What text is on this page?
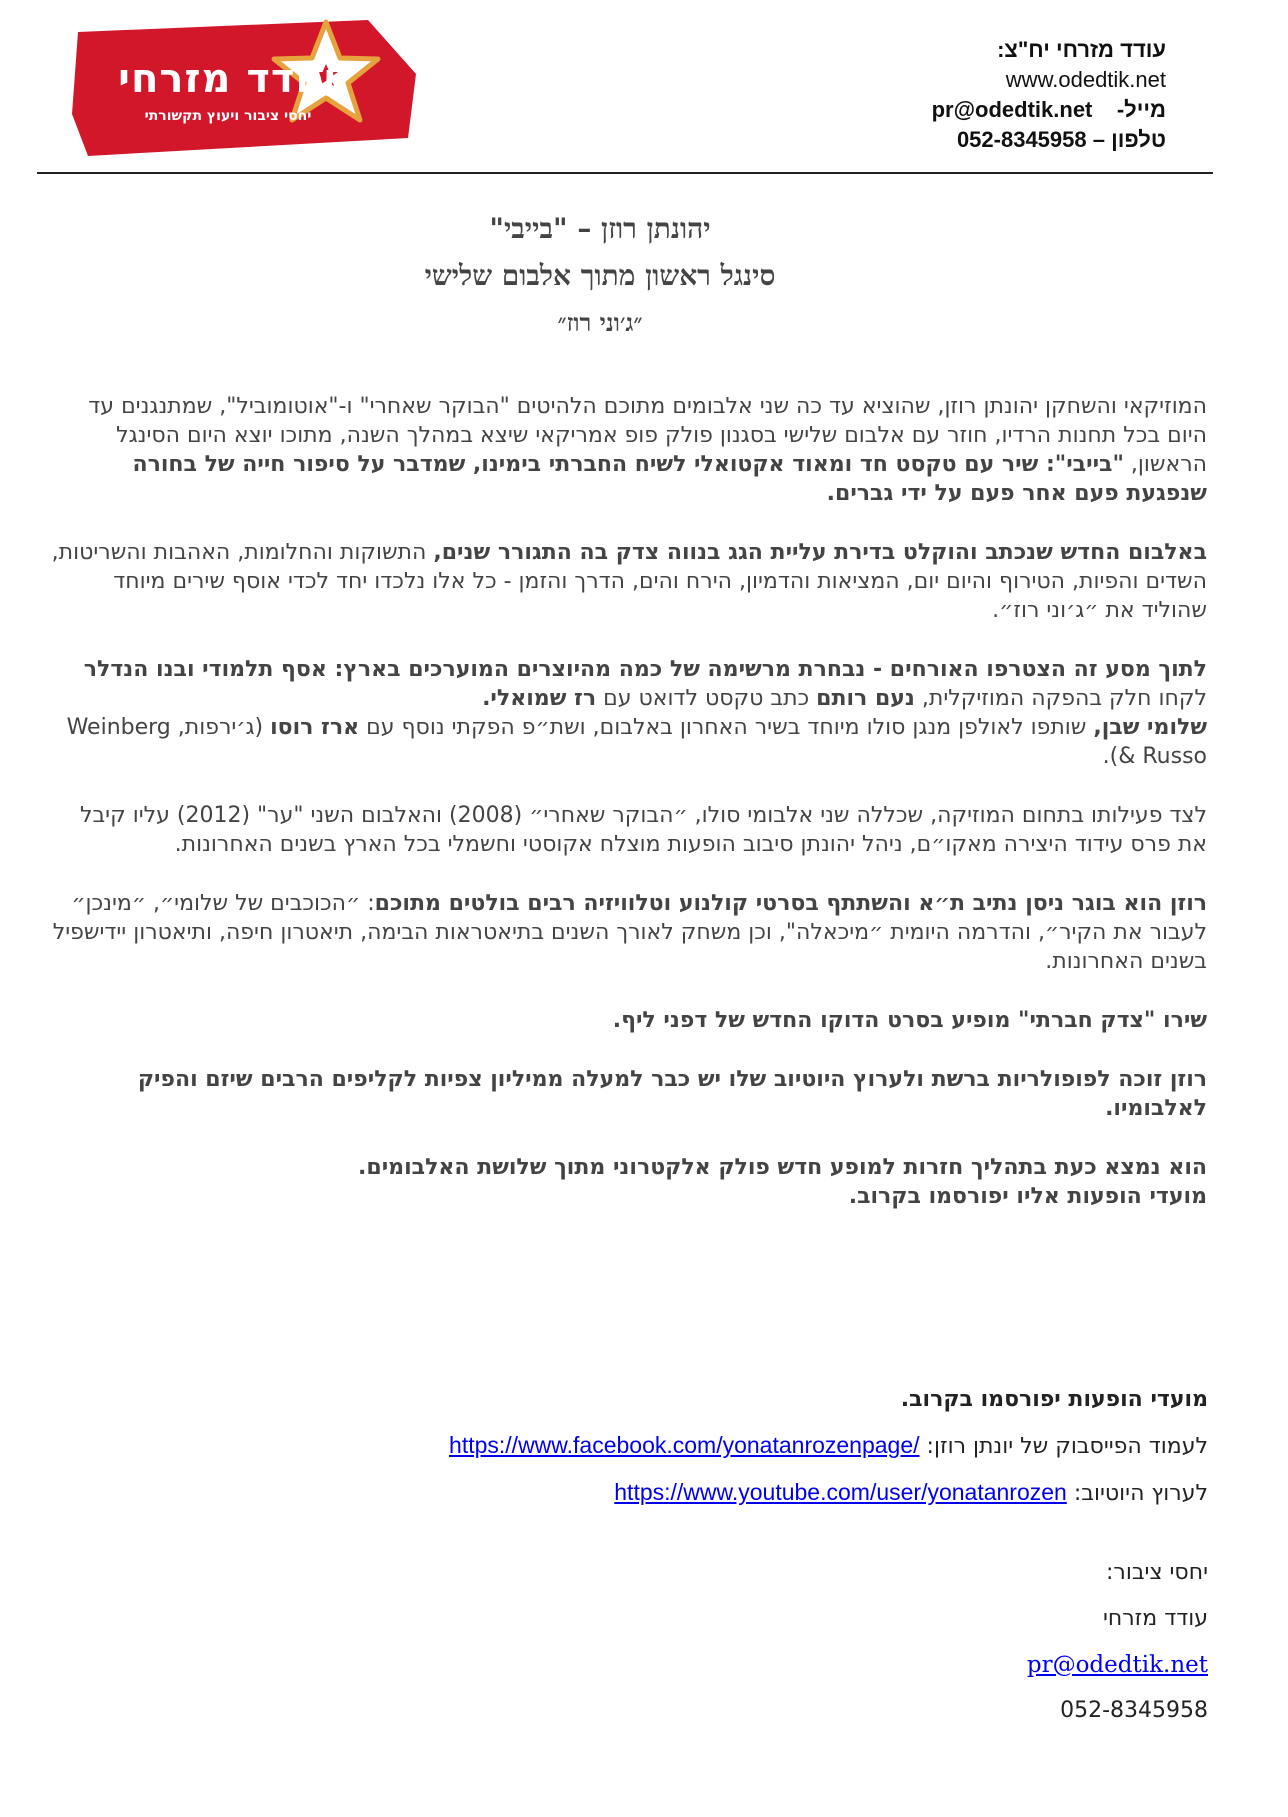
עודד מזרחי
יחסי ציבור ויעוץ תקשורתי
עודד מזרחי יח"צ:
www.odedtik.net
מייל-    pr@odedtik.net
טלפון – 052-8345958
יהונתן רוזן – "בייבי"
סינגל ראשון מתוך אלבום שלישי
״ג׳וני רוז״

המוזיקאי והשחקן יהונתן רוזן, שהוציא עד כה שני אלבומים מתוכם הלהיטים "הבוקר שאחרי" ו-"אוטומוביל", שמתנגנים עד היום בכל תחנות הרדיו, חוזר עם אלבום שלישי בסגנון פולק פופ אמריקאי שיצא במהלך השנה, מתוכו יוצא היום הסינגל הראשון, "בייבי": שיר עם טקסט חד ומאוד אקטואלי לשיח החברתי בימינו, שמדבר על סיפור חייה של בחורה שנפגעת פעם אחר פעם על ידי גברים.

באלבום החדש שנכתב והוקלט בדירת עליית הגג בנווה צדק בה התגורר שנים, התשוקות והחלומות, האהבות והשריטות, השדים והפיות, הטירוף והיום יום, המציאות והדמיון, הירח והים, הדרך והזמן - כל אלו נלכדו יחד לכדי אוסף שירים מיוחד שהוליד את ״ג׳וני רוז״.

לתוך מסע זה הצטרפו האורחים - נבחרת מרשימה של כמה מהיוצרים המוערכים בארץ: אסף תלמודי ובנו הנדלר לקחו חלק בהפקה המוזיקלית, נעם רותם כתב טקסט לדואט עם רז שמואלי.
שלומי שבן, שותפו לאולפן מנגן סולו מיוחד בשיר האחרון באלבום, ושת״פ הפקתי נוסף עם ארז רוסו (ג׳ירפות, Weinberg & Russo).

לצד פעילותו בתחום המוזיקה, שכללה שני אלבומי סולו, ״הבוקר שאחרי״ (2008) והאלבום השני "ער" (2012) עליו קיבל את פרס עידוד היצירה מאקו״ם, ניהל יהונתן סיבוב הופעות מוצלח אקוסטי וחשמלי בכל הארץ בשנים האחרונות.

רוזן הוא בוגר ניסן נתיב ת״א והשתתף בסרטי קולנוע וטלוויזיה רבים בולטים מתוכם: ״הכוכבים של שלומי״, ״מינכן״ לעבור את הקיר״, והדרמה היומית ״מיכאלה", וכן משחק לאורך השנים בתיאטראות הבימה, תיאטרון חיפה, ותיאטרון יידישפיל בשנים האחרונות.

שירו "צדק חברתי" מופיע בסרט הדוקו החדש של דפני ליף.

רוזן זוכה לפופולריות ברשת ולערוץ היוטיוב שלו יש כבר למעלה ממיליון צפיות לקליפים הרבים שיזם והפיק לאלבומיו.

הוא נמצא כעת בתהליך חזרות למופע חדש פולק אלקטרוני מתוך שלושת האלבומים.
מועדי הופעות אליו יפורסמו בקרוב.

מועדי הופעות יפורסמו בקרוב.

לעמוד הפייסבוק של יונתן רוזן: https://www.facebook.com/yonatanrozenpage/

לערוץ היוטיוב: https://www.youtube.com/user/yonatanrozen

יחסי ציבור:
עודד מזרחי
pr@odedtik.net
052-8345958
